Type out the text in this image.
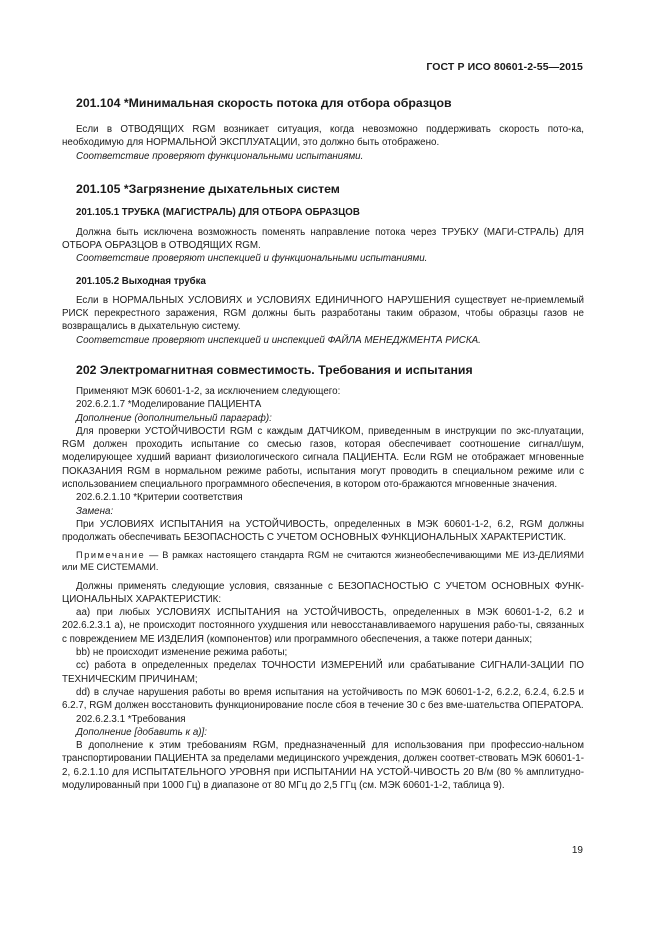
ГОСТ Р ИСО 80601-2-55—2015
201.104 *Минимальная скорость потока для отбора образцов

Если в ОТВОДЯЩИХ RGM возникает ситуация, когда невозможно поддерживать скорость пото-ка, необходимую для НОРМАЛЬНОЙ ЭКСПЛУАТАЦИИ, это должно быть отображено.

Соответствие проверяют функциональными испытаниями.

201.105 *Загрязнение дыхательных систем
201.105.1 ТРУБКА (МАГИСТРАЛЬ) ДЛЯ ОТБОРА ОБРАЗЦОВ

Должна быть исключена возможность поменять направление потока через ТРУБКУ (МАГИ-СТРАЛЬ) ДЛЯ ОТБОРА ОБРАЗЦОВ в ОТВОДЯЩИХ RGM.

Соответствие проверяют инспекцией и функциональными испытаниями.

201.105.2 Выходная трубка

Если в НОРМАЛЬНЫХ УСЛОВИЯХ и УСЛОВИЯХ ЕДИНИЧНОГО НАРУШЕНИЯ существует не-приемлемый РИСК перекрестного заражения, RGM должны быть разработаны таким образом, чтобы образцы газов не возвращались в дыхательную систему.

Соответствие проверяют инспекцией и инспекцией ФАЙЛА МЕНЕДЖМЕНТА РИСКА.

202 Электромагнитная совместимость. Требования и испытания

Применяют МЭК 60601-1-2, за исключением следующего:

202.6.2.1.7 *Моделирование ПАЦИЕНТА

Дополнение (дополнительный параграф):

Для проверки УСТОЙЧИВОСТИ RGM с каждым ДАТЧИКОМ, приведенным в инструкции по экс-плуатации, RGM должен проходить испытание со смесью газов, которая обеспечивает соотношение сигнал/шум, моделирующее худший вариант физиологического сигнала ПАЦИЕНТА. Если RGM не отображает мгновенные ПОКАЗАНИЯ RGM в нормальном режиме работы, испытания могут проводить в специальном режиме или с использованием специального программного обеспечения, в котором ото-бражаются мгновенные значения.

202.6.2.1.10 *Критерии соответствия

Замена:

При УСЛОВИЯХ ИСПЫТАНИЯ на УСТОЙЧИВОСТЬ, определенных в МЭК 60601-1-2, 6.2, RGM должны продолжать обеспечивать БЕЗОПАСНОСТЬ С УЧЕТОМ ОСНОВНЫХ ФУНКЦИОНАЛЬНЫХ ХАРАКТЕРИСТИК.

Примечание — В рамках настоящего стандарта RGM не считаются жизнеобеспечивающими ME ИЗ-ДЕЛИЯМИ или ME СИСТЕМАМИ.

Должны применять следующие условия, связанные с БЕЗОПАСНОСТЬЮ С УЧЕТОМ ОСНОВНЫХ ФУНК-ЦИОНАЛЬНЫХ ХАРАКТЕРИСТИК:

aa) при любых УСЛОВИЯХ ИСПЫТАНИЯ на УСТОЙЧИВОСТЬ, определенных в МЭК 60601-1-2, 6.2 и 202.6.2.3.1 а), не происходит постоянного ухудшения или невосстанавливаемого нарушения рабо-ты, связанных с повреждением ME ИЗДЕЛИЯ (компонентов) или программного обеспечения, а также потери данных;

bb) не происходит изменение режима работы;

cc) работа в определенных пределах ТОЧНОСТИ ИЗМЕРЕНИЙ или срабатывание СИГНАЛИ-ЗАЦИИ ПО ТЕХНИЧЕСКИМ ПРИЧИНАМ;

dd) в случае нарушения работы во время испытания на устойчивость по МЭК 60601-1-2, 6.2.2, 6.2.4, 6.2.5 и 6.2.7, RGM должен восстановить функционирование после сбоя в течение 30 с без вме-шательства ОПЕРАТОРА.

202.6.2.3.1 *Требования

Дополнение [добавить к а)]:

В дополнение к этим требованиям RGM, предназначенный для использования при профессио-нальном транспортировании ПАЦИЕНТА за пределами медицинского учреждения, должен соответ-ствовать МЭК 60601-1-2, 6.2.1.10 для ИСПЫТАТЕЛЬНОГО УРОВНЯ при ИСПЫТАНИИ НА УСТОЙ-ЧИВОСТЬ 20 В/м (80 % амплитудно-модулированный при 1000 Гц) в диапазоне от 80 МГц до 2,5 ГГц (см. МЭК 60601-1-2, таблица 9).

19
